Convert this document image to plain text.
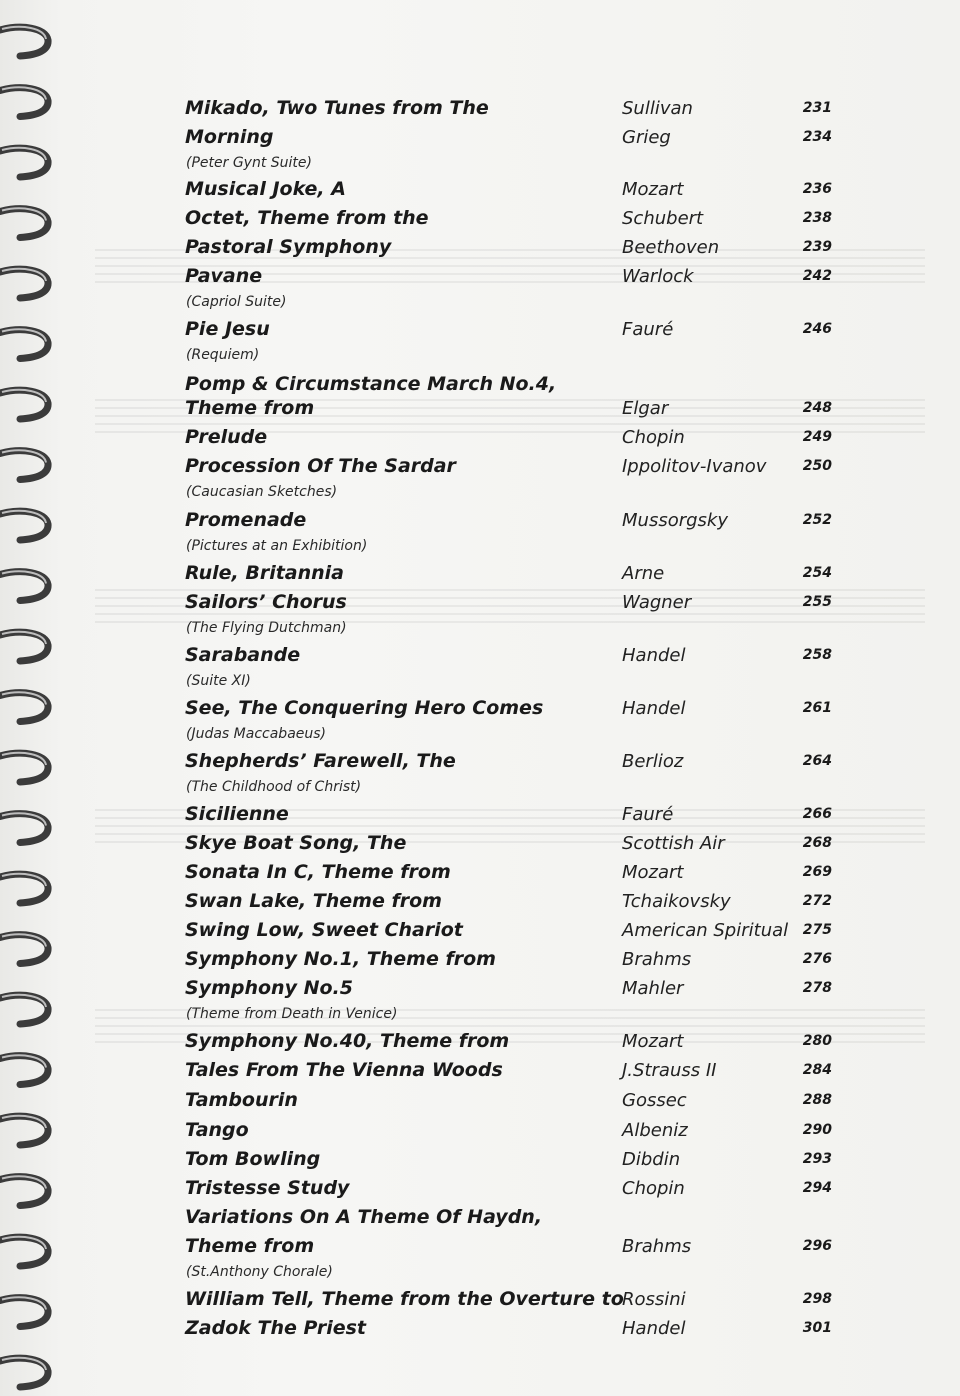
Mikado, Two Tunes from The	Sullivan	231
Morning	Grieg	234
(Peter Gynt Suite)
Musical Joke, A	Mozart	236
Octet, Theme from the	Schubert	238
Pastoral Symphony	Beethoven	239
Pavane	Warlock	242
(Capriol Suite)
Pie Jesu	Fauré	246
(Requiem)
Pomp & Circumstance March No.4,
Theme from	Elgar	248
Prelude	Chopin	249
Procession Of The Sardar	Ippolitov-Ivanov	250
(Caucasian Sketches)
Promenade	Mussorgsky	252
(Pictures at an Exhibition)
Rule, Britannia	Arne	254
Sailors’ Chorus	Wagner	255
(The Flying Dutchman)
Sarabande	Handel	258
(Suite XI)
See, The Conquering Hero Comes	Handel	261
(Judas Maccabaeus)
Shepherds’ Farewell, The	Berlioz	264
(The Childhood of Christ)
Sicilienne	Fauré	266
Skye Boat Song, The	Scottish Air	268
Sonata In C, Theme from	Mozart	269
Swan Lake, Theme from	Tchaikovsky	272
Swing Low, Sweet Chariot	American Spiritual 275
Symphony No.1, Theme from	Brahms	276
Symphony No.5	Mahler	278
(Theme from Death in Venice)
Symphony No.40, Theme from	Mozart	280
Tales From The Vienna Woods	J.Strauss II	284
Tambourin	Gossec	288
Tango	Albeniz	290
Tom Bowling	Dibdin	293
Tristesse Study	Chopin	294
Variations On A Theme Of Haydn,
Theme from	Brahms	296
(St.Anthony Chorale)
William Tell, Theme from the Overture to
Rossini	298
Zadok The Priest	Handel	301
